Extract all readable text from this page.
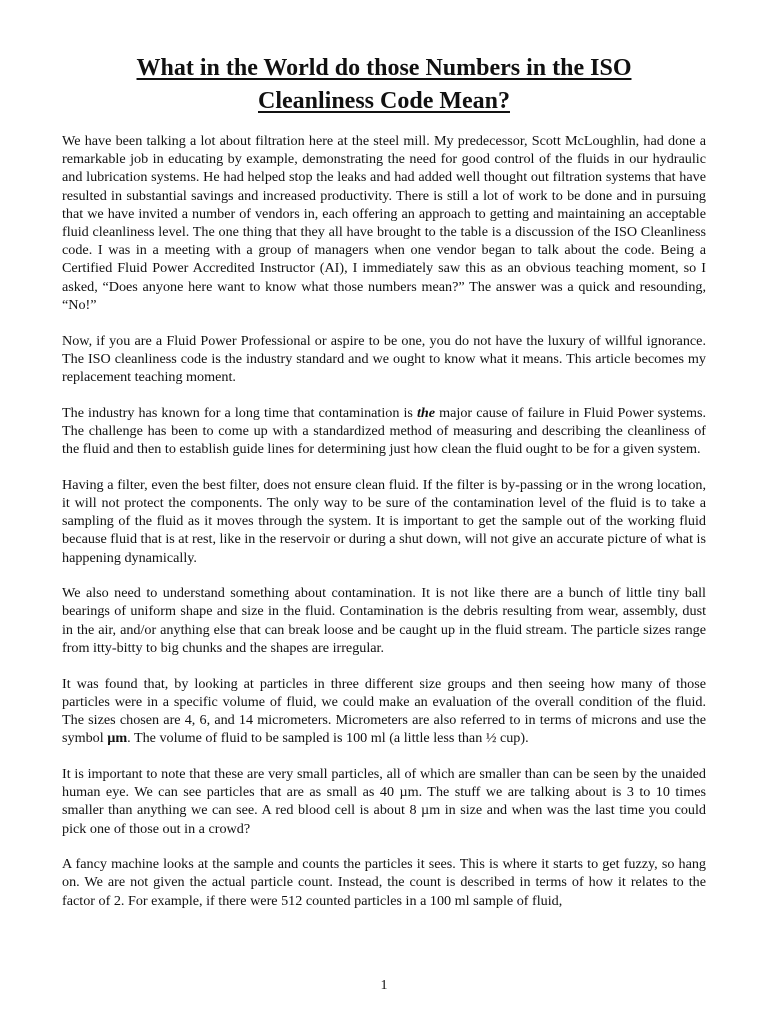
What in the World do those Numbers in the ISO
Cleanliness Code Mean?

We have been talking a lot about filtration here at the steel mill. My predecessor, Scott McLoughlin, had done a remarkable job in educating by example, demonstrating the need for good control of the fluids in our hydraulic and lubrication systems. He had helped stop the leaks and had added well thought out filtration systems that have resulted in substantial savings and increased productivity. There is still a lot of work to be done and in pursuing that we have invited a number of vendors in, each offering an approach to getting and maintaining an acceptable fluid cleanliness level. The one thing that they all have brought to the table is a discussion of the ISO Cleanliness code. I was in a meeting with a group of managers when one vendor began to talk about the code. Being a Certified Fluid Power Accredited Instructor (AI), I immediately saw this as an obvious teaching moment, so I asked, “Does anyone here want to know what those numbers mean?” The answer was a quick and resounding, “No!”

Now, if you are a Fluid Power Professional or aspire to be one, you do not have the luxury of willful ignorance. The ISO cleanliness code is the industry standard and we ought to know what it means. This article becomes my replacement teaching moment.

The industry has known for a long time that contamination is the major cause of failure in Fluid Power systems. The challenge has been to come up with a standardized method of measuring and describing the cleanliness of the fluid and then to establish guide lines for determining just how clean the fluid ought to be for a given system.

Having a filter, even the best filter, does not ensure clean fluid. If the filter is by-passing or in the wrong location, it will not protect the components. The only way to be sure of the contamination level of the fluid is to take a sampling of the fluid as it moves through the system. It is important to get the sample out of the working fluid because fluid that is at rest, like in the reservoir or during a shut down, will not give an accurate picture of what is happening dynamically.

We also need to understand something about contamination. It is not like there are a bunch of little tiny ball bearings of uniform shape and size in the fluid. Contamination is the debris resulting from wear, assembly, dust in the air, and/or anything else that can break loose and be caught up in the fluid stream. The particle sizes range from itty-bitty to big chunks and the shapes are irregular.

It was found that, by looking at particles in three different size groups and then seeing how many of those particles were in a specific volume of fluid, we could make an evaluation of the overall condition of the fluid. The sizes chosen are 4, 6, and 14 micrometers. Micrometers are also referred to in terms of microns and use the symbol µm. The volume of fluid to be sampled is 100 ml (a little less than ½ cup).

It is important to note that these are very small particles, all of which are smaller than can be seen by the unaided human eye. We can see particles that are as small as 40 µm. The stuff we are talking about is 3 to 10 times smaller than anything we can see. A red blood cell is about 8 µm in size and when was the last time you could pick one of those out in a crowd?

A fancy machine looks at the sample and counts the particles it sees. This is where it starts to get fuzzy, so hang on. We are not given the actual particle count. Instead, the count is described in terms of how it relates to the factor of 2. For example, if there were 512 counted particles in a 100 ml sample of fluid,

1
